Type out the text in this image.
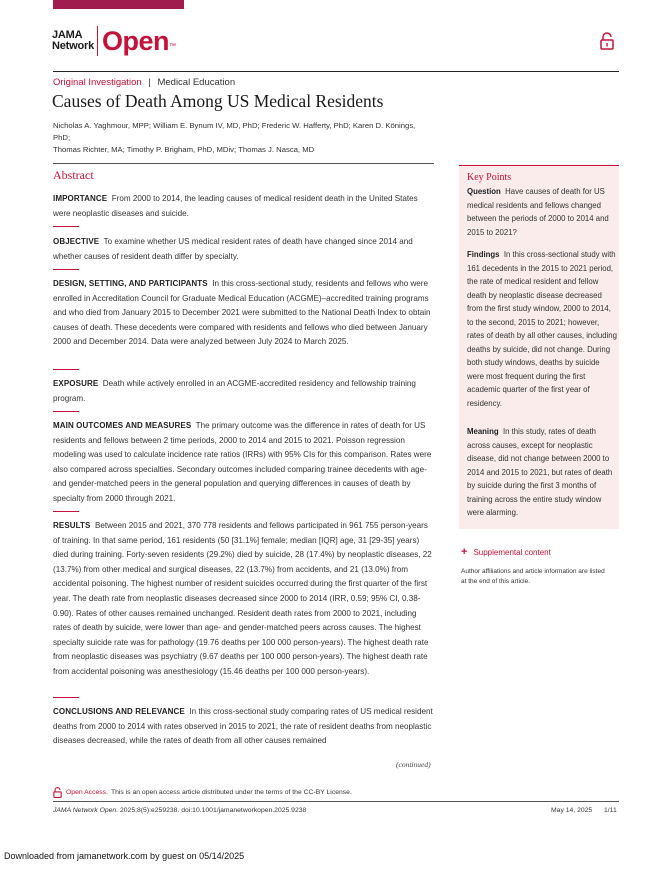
JAMA
Network Open ™
Original Investigation | Medical Education
Causes of Death Among US Medical Residents
Nicholas A. Yaghmour, MPP; William E. Bynum IV, MD, PhD; Frederic W. Hafferty, PhD; Karen D. Könings, PhD;
Thomas Richter, MA; Timothy P. Brigham, PhD, MDiv; Thomas J. Nasca, MD
Abstract
IMPORTANCE From 2000 to 2014, the leading causes of medical resident death in the United States were neoplastic diseases and suicide.
OBJECTIVE To examine whether US medical resident rates of death have changed since 2014 and whether causes of resident death differ by specialty.
DESIGN, SETTING, AND PARTICIPANTS In this cross-sectional study, residents and fellows who were enrolled in Accreditation Council for Graduate Medical Education (ACGME)–accredited training programs and who died from January 2015 to December 2021 were submitted to the National Death Index to obtain causes of death. These decedents were compared with residents and fellows who died between January 2000 and December 2014. Data were analyzed between July 2024 to March 2025.
EXPOSURE Death while actively enrolled in an ACGME-accredited residency and fellowship training program.
MAIN OUTCOMES AND MEASURES The primary outcome was the difference in rates of death for US residents and fellows between 2 time periods, 2000 to 2014 and 2015 to 2021. Poisson regression modeling was used to calculate incidence rate ratios (IRRs) with 95% CIs for this comparison. Rates were also compared across specialties. Secondary outcomes included comparing trainee decedents with age- and gender-matched peers in the general population and querying differences in causes of death by specialty from 2000 through 2021.
RESULTS Between 2015 and 2021, 370 778 residents and fellows participated in 961 755 person-years of training. In that same period, 161 residents (50 [31.1%] female; median [IQR] age, 31 [29-35] years) died during training. Forty-seven residents (29.2%) died by suicide, 28 (17.4%) by neoplastic diseases, 22 (13.7%) from other medical and surgical diseases, 22 (13.7%) from accidents, and 21 (13.0%) from accidental poisoning. The highest number of resident suicides occurred during the first quarter of the first year. The death rate from neoplastic diseases decreased since 2000 to 2014 (IRR, 0.59; 95% CI, 0.38-0.90). Rates of other causes remained unchanged. Resident death rates from 2000 to 2021, including rates of death by suicide, were lower than age- and gender-matched peers across causes. The highest specialty suicide rate was for pathology (19.76 deaths per 100 000 person-years). The highest death rate from neoplastic diseases was psychiatry (9.67 deaths per 100 000 person-years). The highest death rate from accidental poisoning was anesthesiology (15.46 deaths per 100 000 person-years).
CONCLUSIONS AND RELEVANCE In this cross-sectional study comparing rates of US medical resident deaths from 2000 to 2014 with rates observed in 2015 to 2021, the rate of resident deaths from neoplastic diseases decreased, while the rates of death from all other causes remained
(continued)
Key Points
Question Have causes of death for US medical residents and fellows changed between the periods of 2000 to 2014 and 2015 to 2021?
Findings In this cross-sectional study with 161 decedents in the 2015 to 2021 period, the rate of medical resident and fellow death by neoplastic disease decreased from the first study window, 2000 to 2014, to the second, 2015 to 2021; however, rates of death by all other causes, including deaths by suicide, did not change. During both study windows, deaths by suicide were most frequent during the first academic quarter of the first year of residency.
Meaning In this study, rates of death across causes, except for neoplastic disease, did not change between 2000 to 2014 and 2015 to 2021, but rates of death by suicide during the first 3 months of training across the entire study window were alarming.
+ Supplemental content
Author affiliations and article information are listed at the end of this article.
Open Access. This is an open access article distributed under the terms of the CC-BY License.
JAMA Network Open. 2025;8(5):e259238. doi:10.1001/jamanetworkopen.2025.9238	May 14, 2025 1/11
Downloaded from jamanetwork.com by guest on 05/14/2025
